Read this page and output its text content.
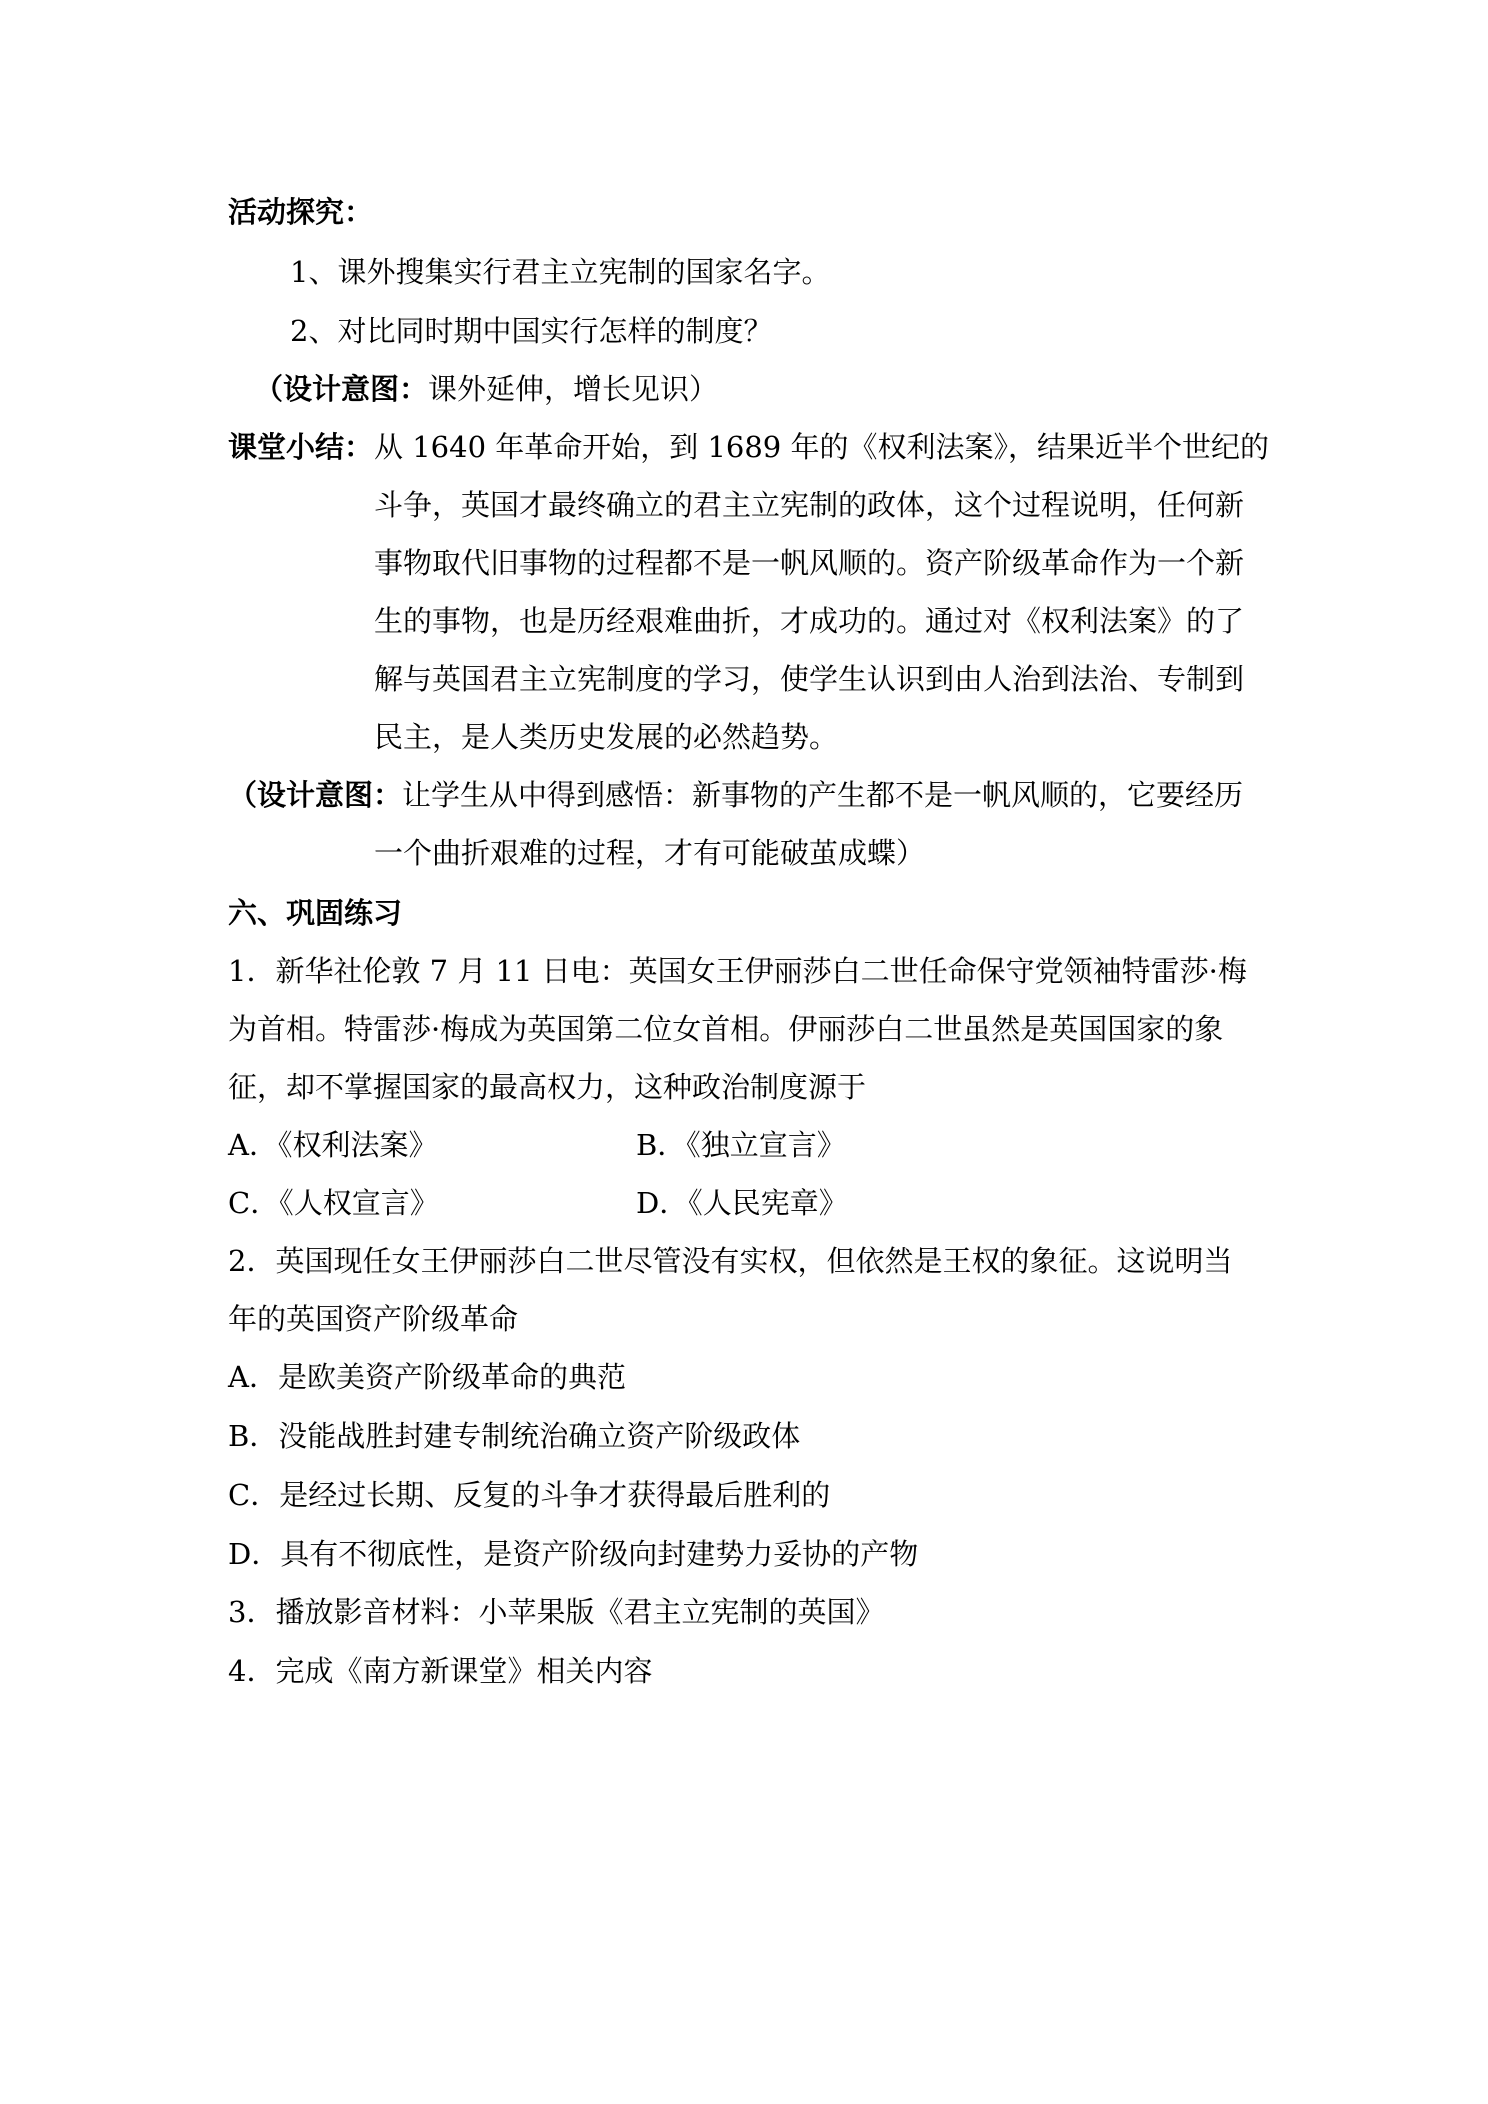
活动探究：
1、课外搜集实行君主立宪制的国家名字。
2、对比同时期中国实行怎样的制度？
（设计意图：课外延伸，增长见识）
课堂小结： 从 1640 年革命开始，到 1689 年的《权利法案》，结果近半个世纪的
斗争，英国才最终确立的君主立宪制的政体，这个过程说明，任何新
事物取代旧事物的过程都不是一帆风顺的。资产阶级革命作为一个新
生的事物，也是历经艰难曲折，才成功的。通过对《权利法案》的了
解与英国君主立宪制度的学习，使学生认识到由人治到法治、专制到
民主，是人类历史发展的必然趋势。
（设计意图：让学生从中得到感悟：新事物的产生都不是一帆风顺的，它要经历
一个曲折艰难的过程，才有可能破茧成蝶）
六、巩固练习
1．新华社伦敦 7 月 11 日电：英国女王伊丽莎白二世任命保守党领袖特雷莎·梅
为首相。特雷莎·梅成为英国第二位女首相。伊丽莎白二世虽然是英国国家的象
征，却不掌握国家的最高权力，这种政治制度源于
A．《权利法案》	B．《独立宣言》
C．《人权宣言》	D．《人民宪章》
2．英国现任女王伊丽莎白二世尽管没有实权，但依然是王权的象征。这说明当
年的英国资产阶级革命
A．是欧美资产阶级革命的典范
B．没能战胜封建专制统治确立资产阶级政体
C．是经过长期、反复的斗争才获得最后胜利的
D．具有不彻底性，是资产阶级向封建势力妥协的产物
3．播放影音材料：小苹果版《君主立宪制的英国》
4．完成《南方新课堂》相关内容
